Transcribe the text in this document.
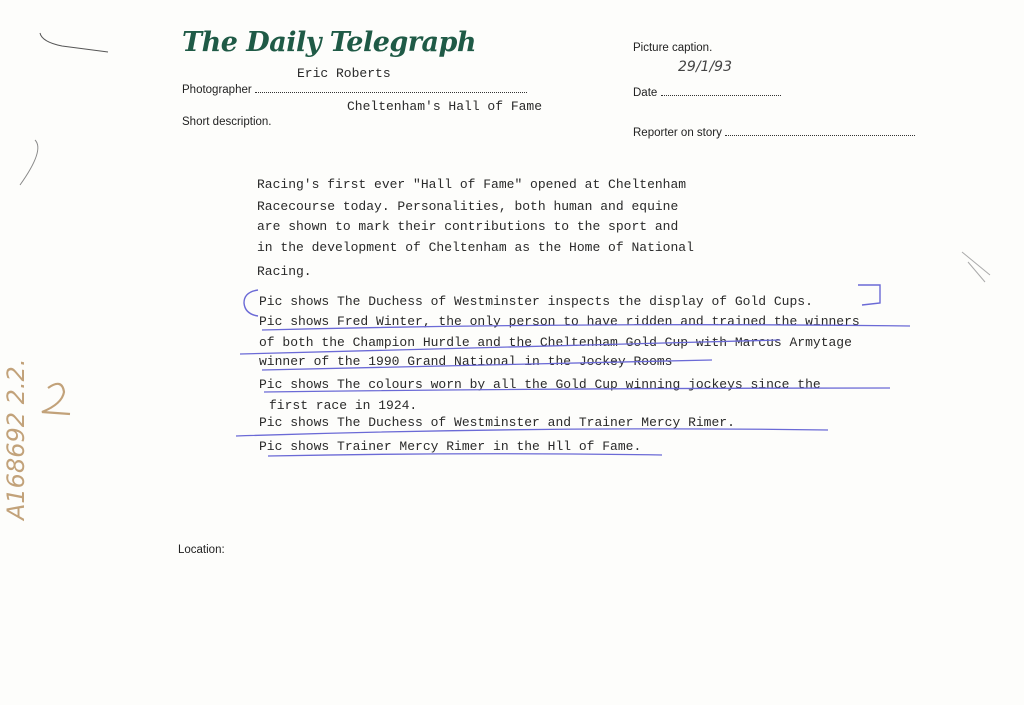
The Daily Telegraph	Picture caption.
29/1/93
Date
Reporter on story
Eric Roberts
Photographer
Cheltenham's Hall of Fame
Short description.
Racing's first ever "Hall of Fame" opened at Cheltenham
Racecourse today. Personalities, both human and equine
are shown to mark their contributions to the sport and
in the development of Cheltenham as the Home of National
Racing.
Pic shows The Duchess of Westminster inspects the display of Gold Cups.
Pic shows Fred Winter, the only person to have ridden and trained the winners
of both the Champion Hurdle and the Cheltenham Gold Cup with Marcus Armytage
winner of the 1990 Grand National in the Jockey Rooms
Pic shows The colours worn by all the Gold Cup winning jockeys since the
first race in 1924.
Pic shows The Duchess of Westminster and Trainer Mercy Rimer.
Pic shows Trainer Mercy Rimer in the Hll of Fame.
Location:
A168692 2.2.
